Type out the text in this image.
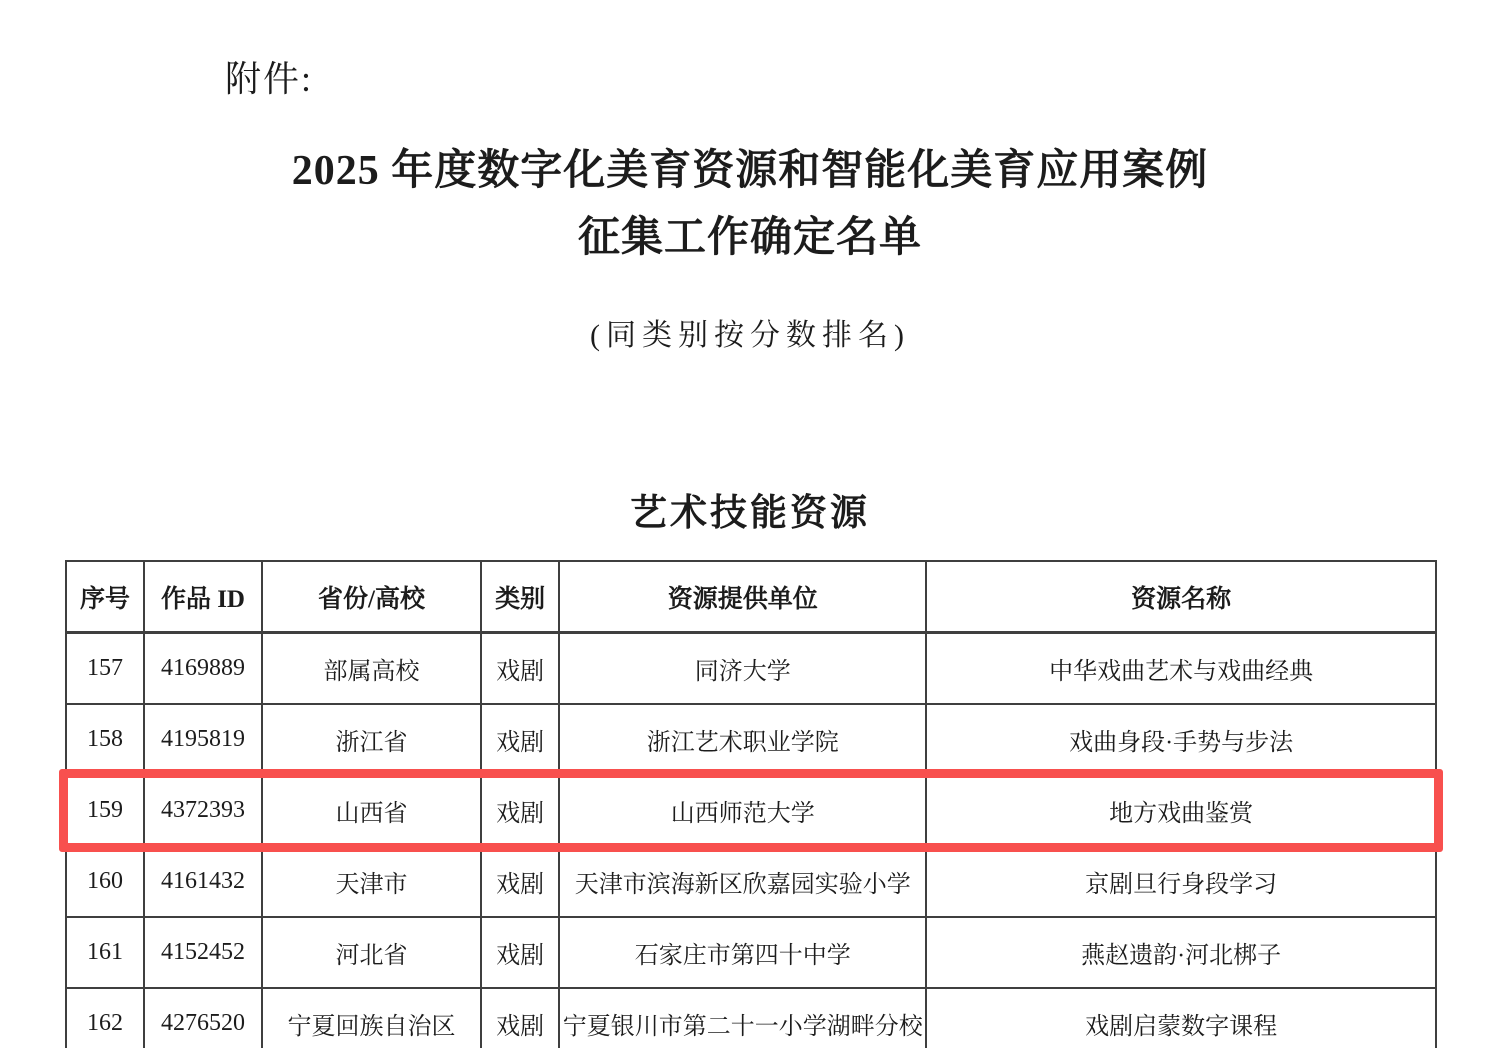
附件:
2025 年度数字化美育资源和智能化美育应用案例
征集工作确定名单
(同类别按分数排名)
艺术技能资源
序号	作品 ID	省份/高校	类别	资源提供单位	资源名称
157	4169889	部属高校	戏剧	同济大学	中华戏曲艺术与戏曲经典
158	4195819	浙江省	戏剧	浙江艺术职业学院	戏曲身段·手势与步法
159	4372393	山西省	戏剧	山西师范大学	地方戏曲鉴赏
160	4161432	天津市	戏剧	天津市滨海新区欣嘉园实验小学	京剧旦行身段学习
161	4152452	河北省	戏剧	石家庄市第四十中学	燕赵遗韵·河北梆子
162	4276520	宁夏回族自治区	戏剧	宁夏银川市第二十一小学湖畔分校	戏剧启蒙数字课程
